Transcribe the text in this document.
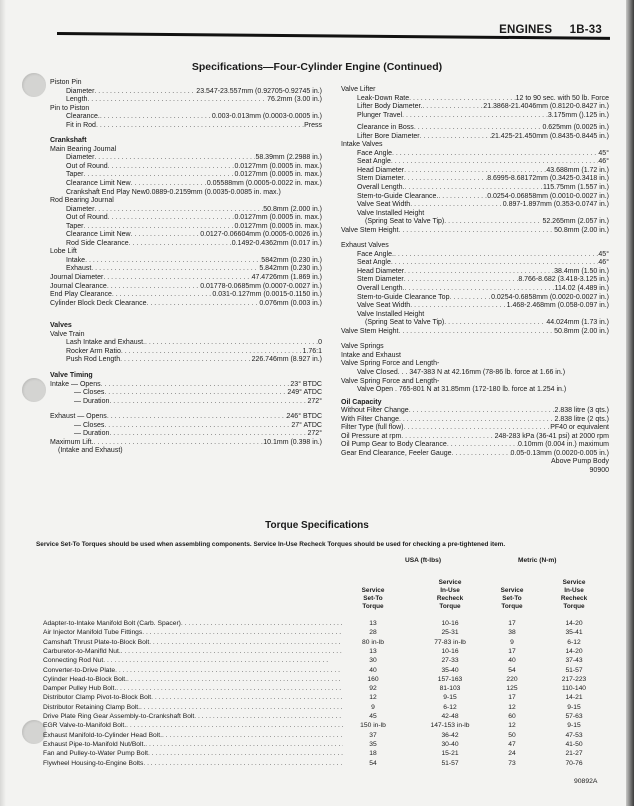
ENGINES 1B-33
Specifications—Four-Cylinder Engine (Continued)
Piston Pin
Diameter . . .	23.547-23.557mm (0.92705-0.92745 in.)
Length . . .	76.2mm (3.00 in.)
Pin to Piston
Clearance. . . .	0.003-0.013mm (0.0003-0.0005 in.)
Fit in Rod . . .	Press
Crankshaft
Main Bearing Journal
Diameter . . .	58.39mm (2.2988 in.)
Out of Round . . .	0.0127mm (0.0005 in. max.)
Taper . . .	0.0127mm (0.0005 in. max.)
Clearance Limit New . . .	0.05588mm (0.0005-0.0022 in. max.)
Crankshaft End Play New 0.0889-0.2159mm (0.0035-0.0085 in. max.)
Rod Bearing Journal
Diameter . . .	50.8mm (2.000 in.)
Out of Round . . .	0.0127mm (0.0005 in. max.)
Taper . . .	0.0127mm (0.0005 in. max.)
Clearance Limit New . . .	0.0127-0.06604mm (0.0005-0.0026 in.)
Rod Side Clearance . . .	0.1492-0.4362mm (0.017 in.)
Lobe Lift
Intake . . .	5842mm (0.230 in.)
Exhaust . . .	5.842mm (0.230 in.)
Journal Diameter . . .	47.4726mm (1.869 in.)
Journal Clearance . . .	0.01778-0.0685mm (0.0007-0.0027 in.)
End Play Clearance . . .	0.031-0.127mm (0.0015-0.1150 in.)
Cylinder Block Deck Clearance . . .	0.076mm (0.003 in.)
Valves
Valve Train
Lash Intake and Exhaust. . . .	0
Rocker Arm Ratio . . .	1.76:1
Push Rod Length . . .	226.746mm (8.927 in.)
Valve Timing
Intake — Opens . . .	23° BTDC
— Closes . . .	249° ATDC
— Duration . . .	272°
Exhaust — Opens . . .	246° BTDC
— Closes . . .	27° ATDC
— Duration . . .	272°
Maximum Lift. . . .	10.1mm (0.398 in.)
(Intake and Exhaust)
Valve Lifter
Leak-Down Rate . . .	12 to 90 sec. with 50 lb. Force
Lifter Body Diameter. . . .	21.3868-21.4046mm (0.8120-0.8427 in.)
Plunger Travel . . .	3.175mm ().125 in.)
Clearance in Boss . . .	0.625mm (0.0025 in.)
Lifter Bore Diameter . . .	21.425-21.450mm (0.8435-0.8445 in.)
Intake Valves
Face Angle . . .	45°
Seat Angle . . .	46°
Head Diameter . . .	43.688mm (1.72 in.)
Stem Diameter . . .	8.6995-8.68172mm (0.3425-0.3418 in.)
Overall Length. . . .	115.75mm (1.557 in.)
Stem-to-Guide Clearance. . . .	0.0254-0.06858mm (0.0010-0.0027 in.)
Valve Seat Width . . .	0.897-1.897mm (0.353-0.0747 in.)
Valve Installed Height
(Spring Seat to Valve Tip) . . .	52.265mm (2.057 in.)
Valve Stem Height . . .	50.8mm (2.00 in.)
Exhaust Valves
Face Angle. . . .	45°
Seat Angle . . .	46°
Head Diameter . . .	38.4mm (1.50 in.)
Stem Diameter . . .	8.766-8.682 (3.418-3.125 in.)
Overall Length. . . .	114.02 (4.489 in.)
Stem-to-Guide Clearance Top . . .	0.0254-0.6858mm (0.0020-0.0027 in.)
Valve Seat Width . . .	1.468-2.468mm (0.058-0.097 in.)
Valve Installed Height
(Spring Seat to Valve Tip) . . .	44.024mm (1.73 in.)
Valve Stem Height . . .	50.8mm (2.00 in.)
Valve Springs
Intake and Exhaust
Valve Spring Force and Length-
Valve Closed. . . 347-383 N at 42.16mm (78-86 lb. force at 1.66 in.)
Valve Spring Force and Length-
Valve Open . 765-801 N at 31.85mm (172-180 lb. force at 1.254 in.)
Oil Capacity
Without Filter Change . . .	2.838 litre (3 qts.)
With Filter Change . . .	2.838 litre (2 qts.)
Filter Type (full flow) . . .	PF40 or equivalent
Oil Pressure at rpm . . .	248-283 kPa (36-41 psi) at 2000 rpm
Oil Pump Gear to Body Clearance . . .	0.10mm (0.004 in.) maximum
Gear End Clearance, Feeler Gauge . . .	0.05-0.13mm (0.0020-0.005 in.)
Above Pump Body
90900
Torque Specifications
Service Set-To Torques should be used when assembling components. Service In-Use Recheck Torques should be used for checking a pre-tightened item.
USA (ft-lbs)	Metric (N-m)
Service
Set-To
Torque
Service
In-Use
Recheck
Torque
Service
Set-To
Torque
Service
In-Use
Recheck
Torque
Adapter-to-Intake Manifold Bolt (Carb. Spacer) . . .	13	10-16	17	14-20
Air Injector Manifold Tube Fittings . . .	28	25-31	38	35-41
Camshaft Thrust Plate-to-Block Bolt . . .	80 in-lb	77-83 in-lb	9	6-12
Carburetor-to-Manifld Nut. . . .	13	10-16	17	14-20
Connecting Rod Nut . . .	30	27-33	40	37-43
Converter-to-Drive Plate . . .	40	35-40	54	51-57
Cylinder Head-to-Block Bolt. . . .	160	157-163	220	217-223
Damper Pulley Hub Bolt. . . .	92	81-103	125	110-140
Distributor Clamp Pivot-to-Block Bolt . . .	12	9-15	17	14-21
Distributor Retaining Clamp Bolt. . . .	9	6-12	12	9-15
Drive Plate Ring Gear Assembly-to-Crankshaft Bolt . . .	45	42-48	60	57-63
EGR Valve-to-Manifold Bolt. . . .	150 in-lb	147-153 in-lb	12	9-15
Exhaust Manifold-to-Cylinder Head Bolt. . . .	37	36-42	50	47-53
Exhaust Pipe-to-Manifold Nut/Bolt. . . .	35	30-40	47	41-50
Fan and Pulley-to-Water Pump Bolt . . .	18	15-21	24	21-27
Flywheel Housing-to-Engine Bolts . . .	54	51-57	73	70-76
90892A
